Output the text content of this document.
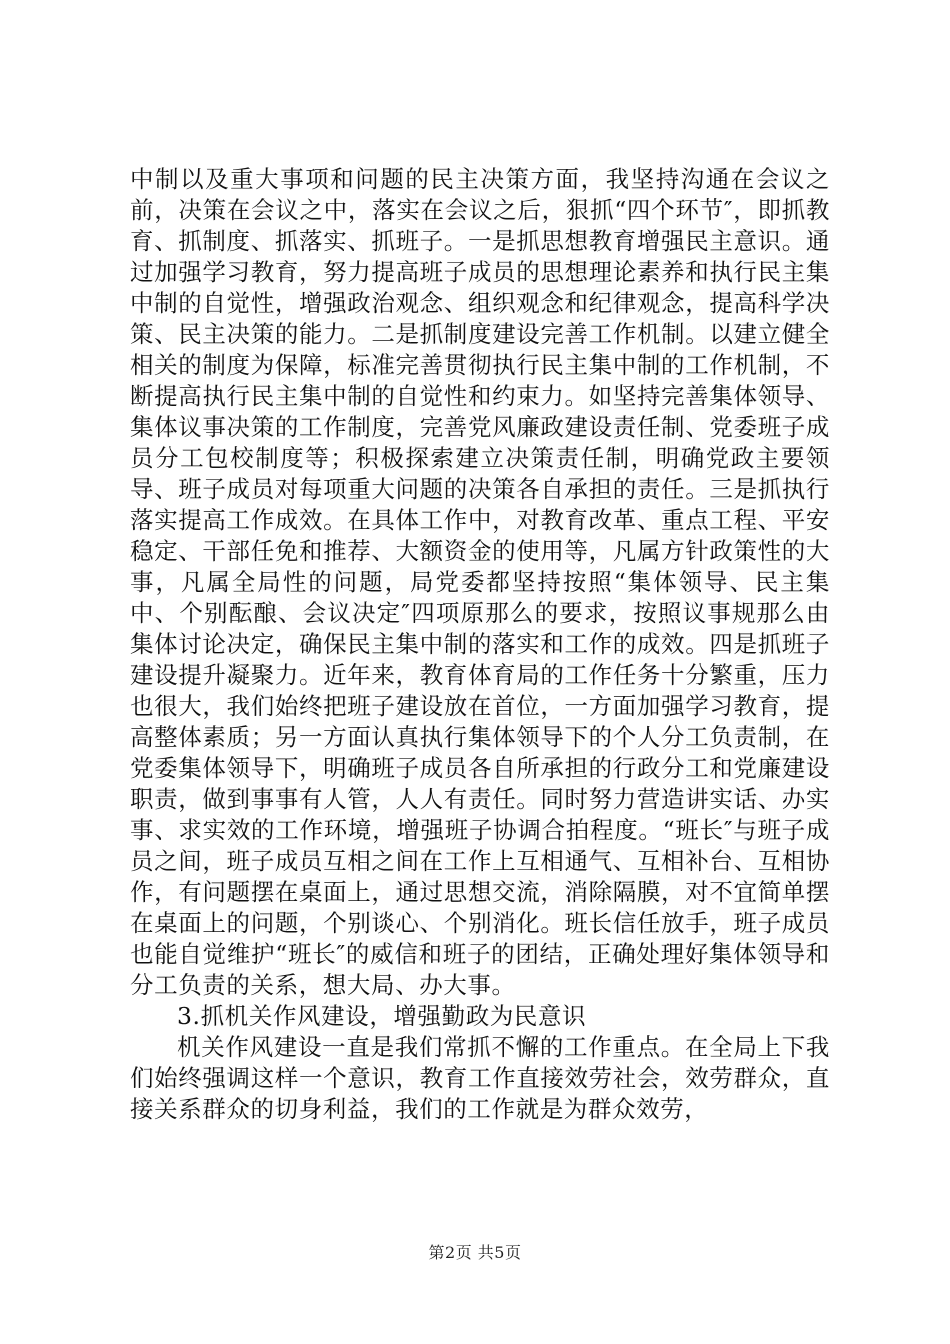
中制以及重大事项和问题的民主决策方面，我坚持沟通在会议之前，决策在会议之中，落实在会议之后，狠抓“四个环节″，即抓教育、抓制度、抓落实、抓班子。一是抓思想教育增强民主意识。通过加强学习教育，努力提高班子成员的思想理论素养和执行民主集中制的自觉性，增强政治观念、组织观念和纪律观念，提高科学决策、民主决策的能力。二是抓制度建设完善工作机制。以建立健全相关的制度为保障，标准完善贯彻执行民主集中制的工作机制，不断提高执行民主集中制的自觉性和约束力。如坚持完善集体领导、集体议事决策的工作制度，完善党风廉政建设责任制、党委班子成员分工包校制度等；积极探索建立决策责任制，明确党政主要领导、班子成员对每项重大问题的决策各自承担的责任。三是抓执行落实提高工作成效。在具体工作中，对教育改革、重点工程、平安稳定、干部任免和推荐、大额资金的使用等，凡属方针政策性的大事，凡属全局性的问题，局党委都坚持按照“集体领导、民主集中、个别酝酿、会议决定″四项原那么的要求，按照议事规那么由集体讨论决定，确保民主集中制的落实和工作的成效。四是抓班子建设提升凝聚力。近年来，教育体育局的工作任务十分繁重，压力也很大，我们始终把班子建设放在首位，一方面加强学习教育，提高整体素质；另一方面认真执行集体领导下的个人分工负责制，在党委集体领导下，明确班子成员各自所承担的行政分工和党廉建设职责，做到事事有人管，人人有责任。同时努力营造讲实话、办实事、求实效的工作环境，增强班子协调合拍程度。“班长″与班子成员之间，班子成员互相之间在工作上互相通气、互相补台、互相协作，有问题摆在桌面上，通过思想交流，消除隔膜，对不宜简单摆在桌面上的问题，个别谈心、个别消化。班长信任放手，班子成员也能自觉维护“班长″的威信和班子的团结，正确处理好集体领导和分工负责的关系，想大局、办大事。

3.抓机关作风建设，增强勤政为民意识

机关作风建设一直是我们常抓不懈的工作重点。在全局上下我们始终强调这样一个意识，教育工作直接效劳社会，效劳群众，直接关系群众的切身利益，我们的工作就是为群众效劳，

第2页 共5页
